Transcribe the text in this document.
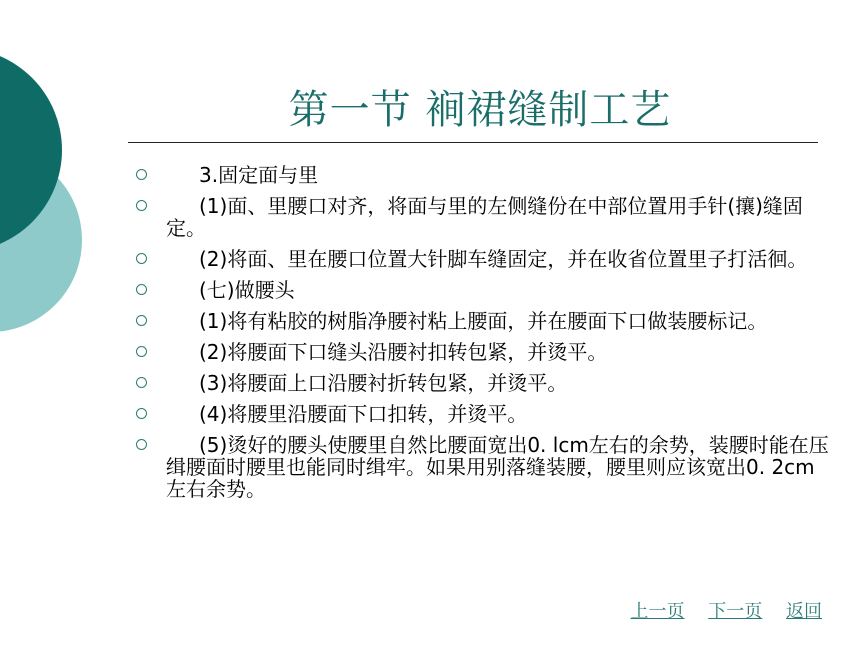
第一节 裥裙缝制工艺
3.固定面与里
(1)面、里腰口对齐，将面与里的左侧缝份在中部位置用手针(攘)缝固定。
(2)将面、里在腰口位置大针脚车缝固定，并在收省位置里子打活徊。
(七)做腰头
(1)将有粘胶的树脂净腰衬粘上腰面，并在腰面下口做装腰标记。
(2)将腰面下口缝头沿腰衬扣转包紧，并烫平。
(3)将腰面上口沿腰衬折转包紧，并烫平。
(4)将腰里沿腰面下口扣转，并烫平。
(5)烫好的腰头使腰里自然比腰面宽出0. lcm左右的余势，装腰时能在压缉腰面时腰里也能同时缉牢。如果用别落缝装腰，腰里则应该宽出0. 2cm左右余势。
上一页 下一页 返回
